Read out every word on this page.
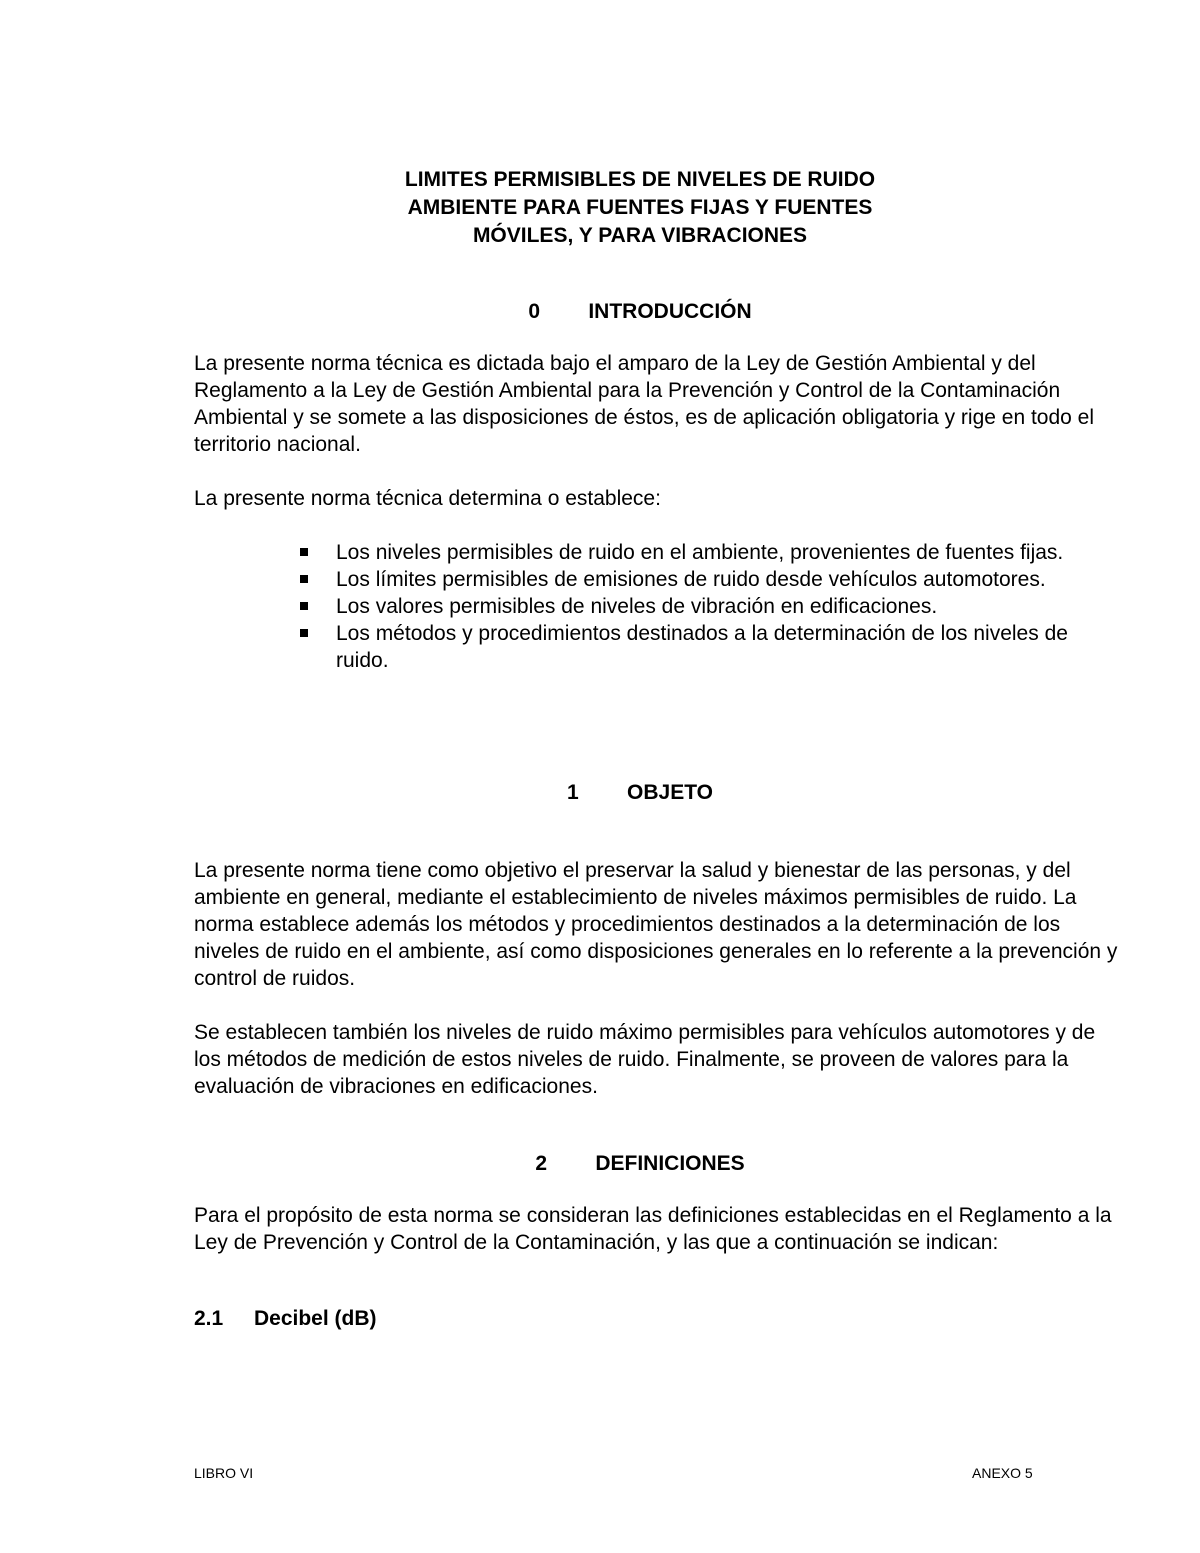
LIMITES PERMISIBLES DE NIVELES DE RUIDO
AMBIENTE PARA FUENTES FIJAS Y FUENTES
MÓVILES, Y PARA VIBRACIONES
0 INTRODUCCIÓN
La presente norma técnica es dictada bajo el amparo de la Ley de Gestión Ambiental y del Reglamento a la Ley de Gestión Ambiental para la Prevención y Control de la Contaminación Ambiental y se somete a las disposiciones de éstos, es de aplicación obligatoria y rige en todo el territorio nacional.
La presente norma técnica determina o establece:
Los niveles permisibles de ruido en el ambiente, provenientes de fuentes fijas.
Los límites permisibles de emisiones de ruido desde vehículos automotores.
Los valores permisibles de niveles de vibración en edificaciones.
Los métodos y procedimientos destinados a la determinación de los niveles de ruido.
1 OBJETO
La presente norma tiene como objetivo el preservar la salud y bienestar de las personas, y del ambiente en general, mediante el establecimiento de niveles máximos permisibles de ruido. La norma establece además los métodos y procedimientos destinados a la determinación de los niveles de ruido en el ambiente, así como disposiciones generales en lo referente a la prevención y control de ruidos.
Se establecen también los niveles de ruido máximo permisibles para vehículos automotores y de los métodos de medición de estos niveles de ruido. Finalmente, se proveen de valores para la evaluación de vibraciones en edificaciones.
2 DEFINICIONES
Para el propósito de esta norma se consideran las definiciones establecidas en el Reglamento a la Ley de Prevención y Control de la Contaminación, y las que a continuación se indican:
2.1 Decibel (dB)
LIBRO VI	ANEXO 5
